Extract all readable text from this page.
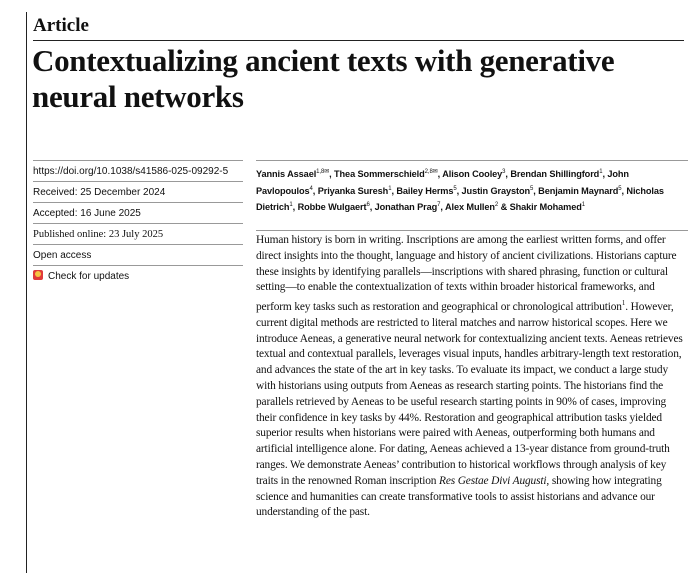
Article
Contextualizing ancient texts with generative neural networks
https://doi.org/10.1038/s41586-025-09292-5
Received: 25 December 2024
Accepted: 16 June 2025
Published online: 23 July 2025
Open access
Check for updates
Yannis Assael$^{1,8✉}$, Thea Sommerschield$^{2,8✉}$, Alison Cooley$^3$, Brendan Shillingford$^1$, John Pavlopoulos$^4$, Priyanka Suresh$^1$, Bailey Herms$^5$, Justin Grayston$^5$, Benjamin Maynard$^5$, Nicholas Dietrich$^1$, Robbe Wulgaert$^6$, Jonathan Prag$^7$, Alex Mullen$^2$ & Shakir Mohamed$^1$

Human history is born in writing. Inscriptions are among the earliest written forms, and offer direct insights into the thought, language and history of ancient civilizations. Historians capture these insights by identifying parallels—inscriptions with shared phrasing, function or cultural setting—to enable the contextualization of texts within broader historical frameworks, and perform key tasks such as restoration and geographical or chronological attribution$^1$. However, current digital methods are restricted to literal matches and narrow historical scopes. Here we introduce Aeneas, a generative neural network for contextualizing ancient texts. Aeneas retrieves textual and contextual parallels, leverages visual inputs, handles arbitrary-length text restoration, and advances the state of the art in key tasks. To evaluate its impact, we conduct a large study with historians using outputs from Aeneas as research starting points. The historians find the parallels retrieved by Aeneas to be useful research starting points in 90% of cases, improving their confidence in key tasks by 44%. Restoration and geographical attribution tasks yielded superior results when historians were paired with Aeneas, outperforming both humans and artificial intelligence alone. For dating, Aeneas achieved a 13-year distance from ground-truth ranges. We demonstrate Aeneas’ contribution to historical workflows through analysis of key traits in the renowned Roman inscription Res Gestae Divi Augusti, showing how integrating science and humanities can create transformative tools to assist historians and advance our understanding of the past.
